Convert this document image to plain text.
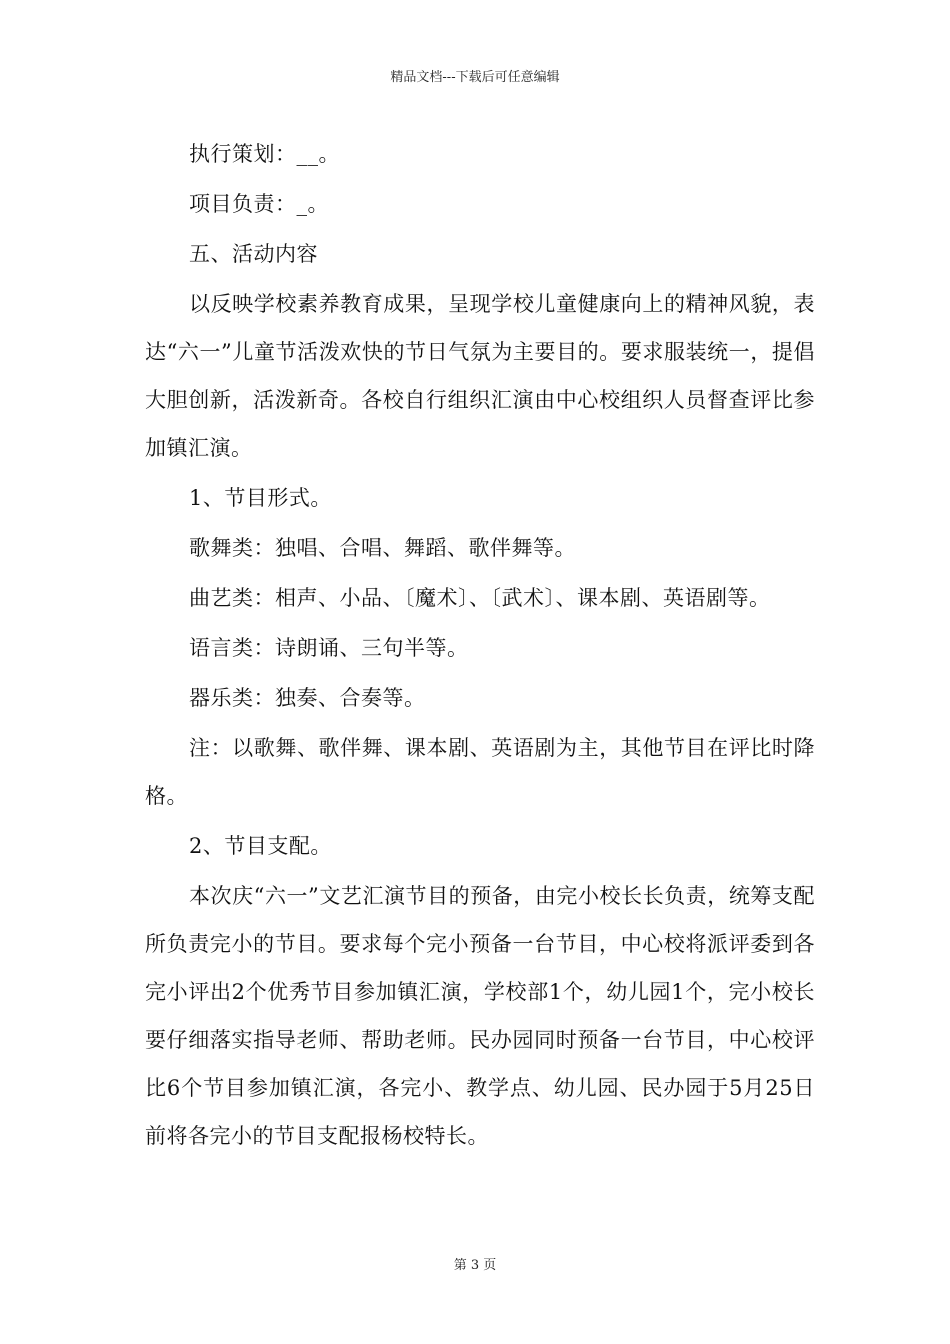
精品文档---下载后可任意编辑

执行策划：__。

项目负责：_。

五、活动内容

以反映学校素养教育成果，呈现学校儿童健康向上的精神风貌，表达“六一”儿童节活泼欢快的节日气氛为主要目的。要求服装统一，提倡大胆创新，活泼新奇。各校自行组织汇演由中心校组织人员督查评比参加镇汇演。

1、节目形式。

歌舞类：独唱、合唱、舞蹈、歌伴舞等。

曲艺类：相声、小品、〔魔术〕、〔武术〕、课本剧、英语剧等。

语言类：诗朗诵、三句半等。

器乐类：独奏、合奏等。

注：以歌舞、歌伴舞、课本剧、英语剧为主，其他节目在评比时降格。

2、节目支配。

本次庆“六一”文艺汇演节目的预备，由完小校长长负责，统筹支配所负责完小的节目。要求每个完小预备一台节目，中心校将派评委到各完小评出2个优秀节目参加镇汇演，学校部1个，幼儿园1个，完小校长要仔细落实指导老师、帮助老师。民办园同时预备一台节目，中心校评比6个节目参加镇汇演，各完小、教学点、幼儿园、民办园于5月25日前将各完小的节目支配报杨校特长。

第 3 页
